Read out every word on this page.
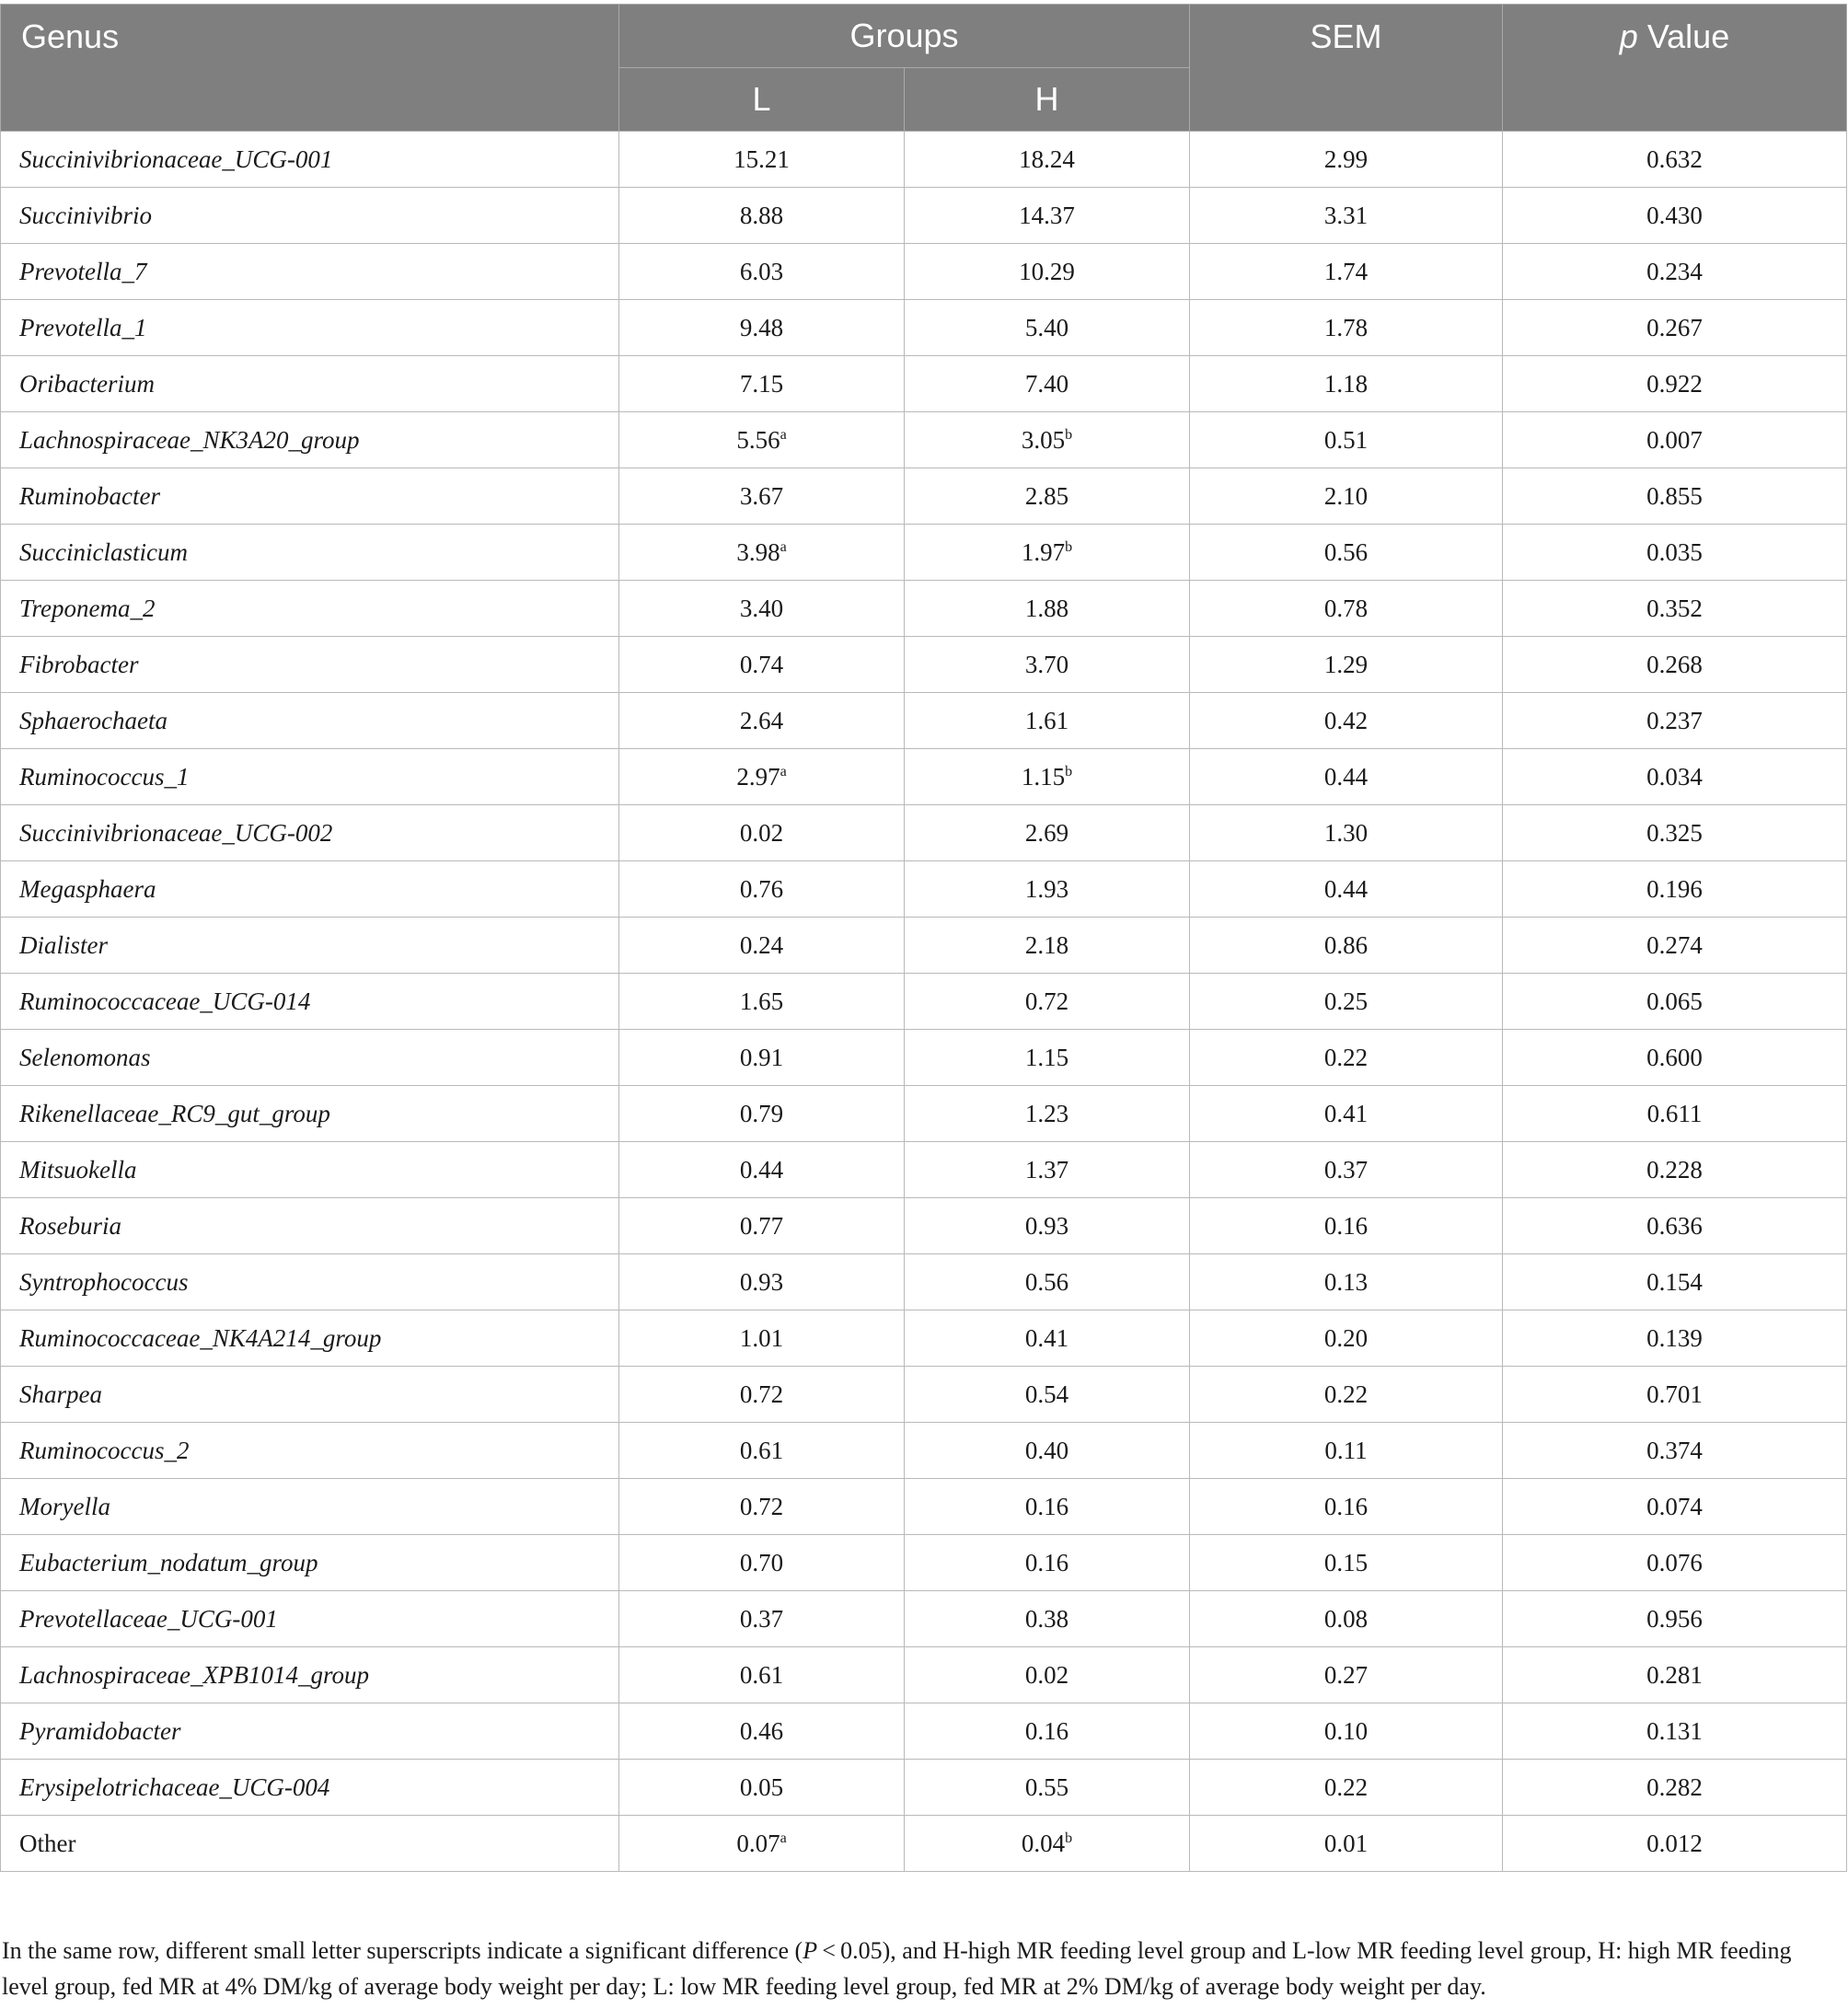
Genus	Groups		SEM	p Value
	L	H		
Succinivibrionaceae_UCG-001	15.21	18.24	2.99	0.632
Succinivibrio	8.88	14.37	3.31	0.430
Prevotella_7	6.03	10.29	1.74	0.234
Prevotella_1	9.48	5.40	1.78	0.267
Oribacterium	7.15	7.40	1.18	0.922
Lachnospiraceae_NK3A20_group	5.56$^a$	3.05$^b$	0.51	0.007
Ruminobacter	3.67	2.85	2.10	0.855
Succiniclasticum	3.98$^a$	1.97$^b$	0.56	0.035
Treponema_2	3.40	1.88	0.78	0.352
Fibrobacter	0.74	3.70	1.29	0.268
Sphaerochaeta	2.64	1.61	0.42	0.237
Ruminococcus_1	2.97$^a$	1.15$^b$	0.44	0.034
Succinivibrionaceae_UCG-002	0.02	2.69	1.30	0.325
Megasphaera	0.76	1.93	0.44	0.196
Dialister	0.24	2.18	0.86	0.274
Ruminococcaceae_UCG-014	1.65	0.72	0.25	0.065
Selenomonas	0.91	1.15	0.22	0.600
Rikenellaceae_RC9_gut_group	0.79	1.23	0.41	0.611
Mitsuokella	0.44	1.37	0.37	0.228
Roseburia	0.77	0.93	0.16	0.636
Syntrophococcus	0.93	0.56	0.13	0.154
Ruminococcaceae_NK4A214_group	1.01	0.41	0.20	0.139
Sharpea	0.72	0.54	0.22	0.701
Ruminococcus_2	0.61	0.40	0.11	0.374
Moryella	0.72	0.16	0.16	0.074
Eubacterium_nodatum_group	0.70	0.16	0.15	0.076
Prevotellaceae_UCG-001	0.37	0.38	0.08	0.956
Lachnospiraceae_XPB1014_group	0.61	0.02	0.27	0.281
Pyramidobacter	0.46	0.16	0.10	0.131
Erysipelotrichaceae_UCG-004	0.05	0.55	0.22	0.282
Other	0.07$^a$	0.04$^b$	0.01	0.012
In the same row, different small letter superscripts indicate a significant difference (P < 0.05), and H-high MR feeding level group and L-low MR feeding level group, H: high MR feeding level group, fed MR at 4% DM/kg of average body weight per day; L: low MR feeding level group, fed MR at 2% DM/kg of average body weight per day.
